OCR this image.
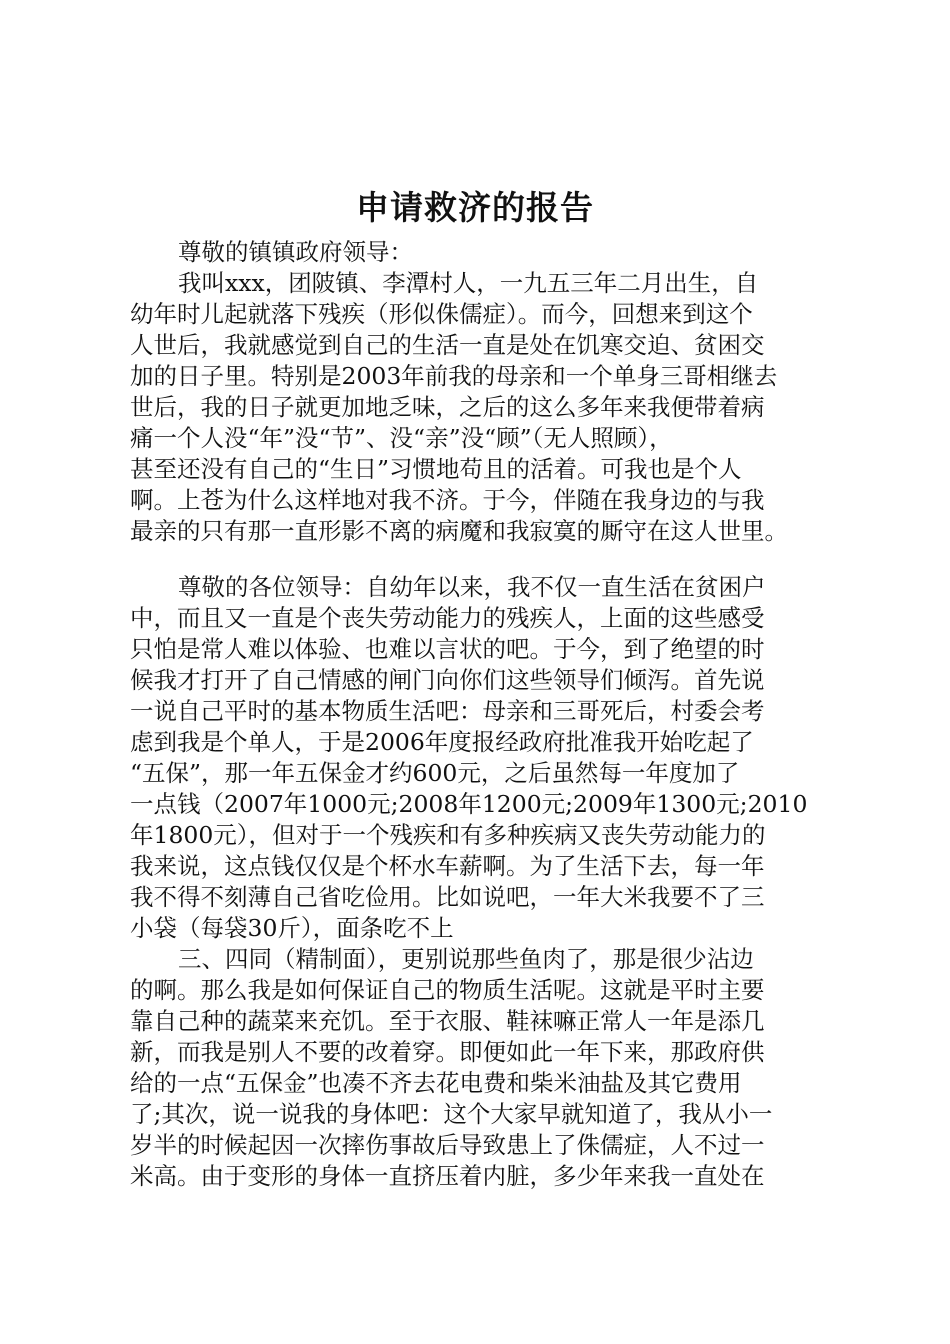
申请救济的报告
尊敬的镇镇政府领导：
我叫xxx，团陂镇、李潭村人，一九五三年二月出生，自
幼年时儿起就落下残疾（形似侏儒症）。而今，回想来到这个
人世后，我就感觉到自己的生活一直是处在饥寒交迫、贫困交
加的日子里。特别是2003年前我的母亲和一个单身三哥相继去
世后，我的日子就更加地乏味，之后的这么多年来我便带着病
痛一个人没“年”没“节”、没“亲”没“顾”（无人照顾），
甚至还没有自己的“生日”习惯地苟且的活着。可我也是个人
啊。上苍为什么这样地对我不济。于今，伴随在我身边的与我
最亲的只有那一直形影不离的病魔和我寂寞的厮守在这人世里。
尊敬的各位领导：自幼年以来，我不仅一直生活在贫困户
中，而且又一直是个丧失劳动能力的残疾人，上面的这些感受
只怕是常人难以体验、也难以言状的吧。于今，到了绝望的时
候我才打开了自己情感的闸门向你们这些领导们倾泻。首先说
一说自己平时的基本物质生活吧：母亲和三哥死后，村委会考
虑到我是个单人，于是2006年度报经政府批准我开始吃起了
“五保”，那一年五保金才约600元，之后虽然每一年度加了
一点钱（2007年1000元;2008年1200元;2009年1300元;2010
年1800元），但对于一个残疾和有多种疾病又丧失劳动能力的
我来说，这点钱仅仅是个杯水车薪啊。为了生活下去，每一年
我不得不刻薄自己省吃俭用。比如说吧，一年大米我要不了三
小袋（每袋30斤），面条吃不上
三、四同（精制面），更别说那些鱼肉了，那是很少沾边
的啊。那么我是如何保证自己的物质生活呢。这就是平时主要
靠自己种的蔬菜来充饥。至于衣服、鞋袜嘛正常人一年是添几
新，而我是别人不要的改着穿。即便如此一年下来，那政府供
给的一点“五保金”也凑不齐去花电费和柴米油盐及其它费用
了;其次，说一说我的身体吧：这个大家早就知道了，我从小一
岁半的时候起因一次摔伤事故后导致患上了侏儒症，人不过一
米高。由于变形的身体一直挤压着内脏，多少年来我一直处在
